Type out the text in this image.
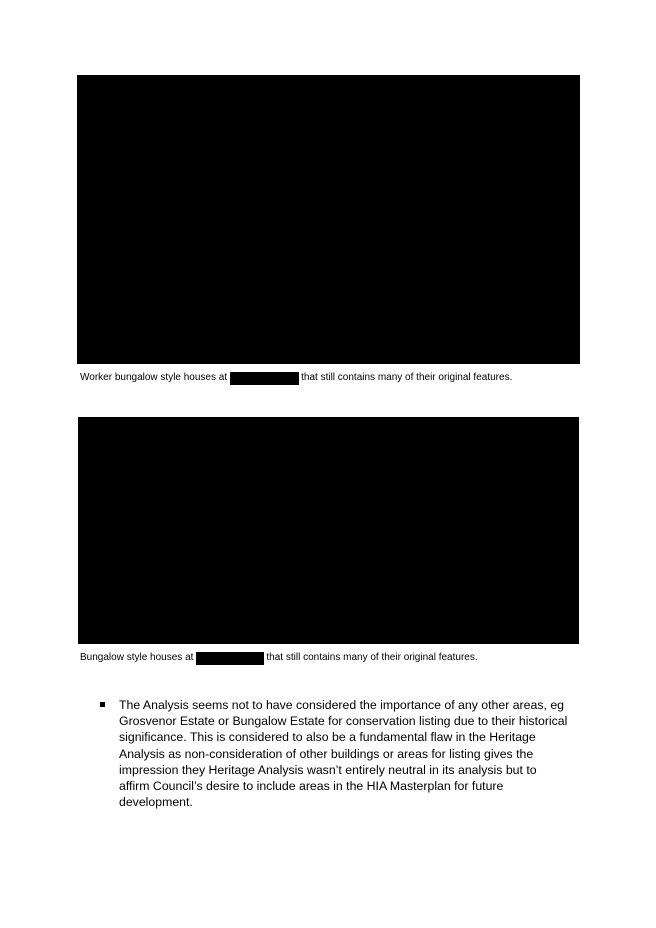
Worker bungalow style houses at	that still contains many of their original features.
Bungalow style houses at	that still contains many of their original features.
The Analysis seems not to have considered the importance of any other areas, eg Grosvenor Estate or Bungalow Estate for conservation listing due to their historical significance. This is considered to also be a fundamental flaw in the Heritage Analysis as non-consideration of other buildings or areas for listing gives the impression they Heritage Analysis wasn’t entirely neutral in its analysis but to affirm Council’s desire to include areas in the HIA Masterplan for future development.
